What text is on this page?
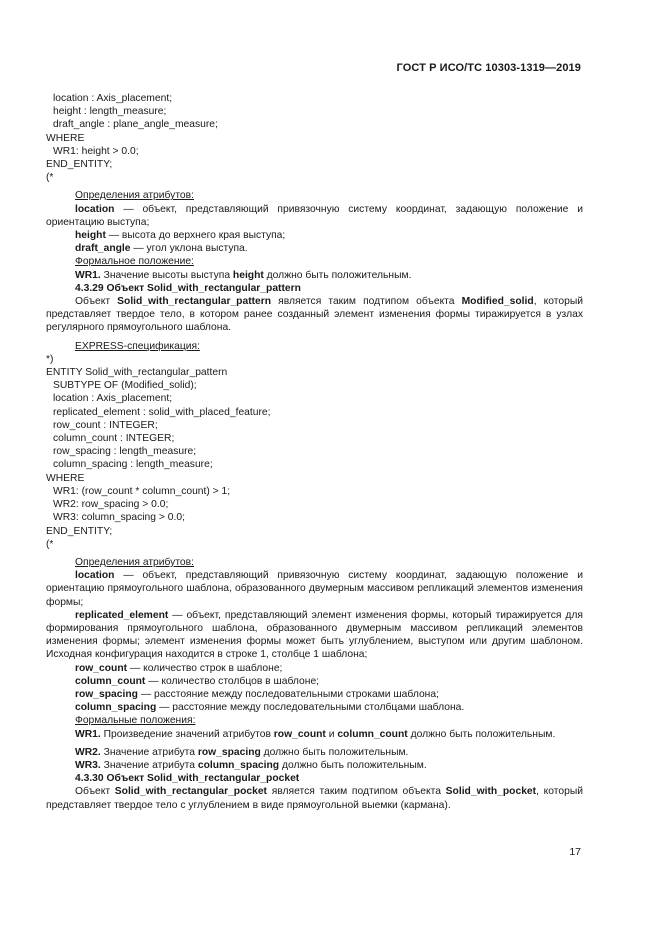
ГОСТ Р ИСО/ТС 10303-1319—2019
location : Axis_placement;
height : length_measure;
draft_angle : plane_angle_measure;
WHERE
WR1: height > 0.0;
END_ENTITY;
(*
Определения атрибутов:
location — объект, представляющий привязочную систему координат, задающую положение и ориентацию выступа;
height — высота до верхнего края выступа;
draft_angle — угол уклона выступа.
Формальное положение:
WR1. Значение высоты выступа height должно быть положительным.
4.3.29 Объект Solid_with_rectangular_pattern
Объект Solid_with_rectangular_pattern является таким подтипом объекта Modified_solid, который представляет твердое тело, в котором ранее созданный элемент изменения формы тиражируется в узлах регулярного прямоугольного шаблона.
EXPRESS-спецификация:
*)
ENTITY Solid_with_rectangular_pattern
SUBTYPE OF (Modified_solid);
location : Axis_placement;
replicated_element : solid_with_placed_feature;
row_count : INTEGER;
column_count : INTEGER;
row_spacing : length_measure;
column_spacing : length_measure;
WHERE
WR1: (row_count * column_count) > 1;
WR2: row_spacing > 0.0;
WR3: column_spacing > 0.0;
END_ENTITY;
(*
Определения атрибутов:
location — объект, представляющий привязочную систему координат, задающую положение и ориентацию прямоугольного шаблона, образованного двумерным массивом репликаций элементов изменения формы;
replicated_element — объект, представляющий элемент изменения формы, который тиражируется для формирования прямоугольного шаблона, образованного двумерным массивом репликаций элементов изменения формы; элемент изменения формы может быть углублением, выступом или другим шаблоном. Исходная конфигурация находится в строке 1, столбце 1 шаблона;
row_count — количество строк в шаблоне;
column_count — количество столбцов в шаблоне;
row_spacing — расстояние между последовательными строками шаблона;
column_spacing — расстояние между последовательными столбцами шаблона.
Формальные положения:
WR1. Произведение значений атрибутов row_count и column_count должно быть положительным.
WR2. Значение атрибута row_spacing должно быть положительным.
WR3. Значение атрибута column_spacing должно быть положительным.
4.3.30 Объект Solid_with_rectangular_pocket
Объект Solid_with_rectangular_pocket является таким подтипом объекта Solid_with_pocket, который представляет твердое тело с углублением в виде прямоугольной выемки (кармана).
17
